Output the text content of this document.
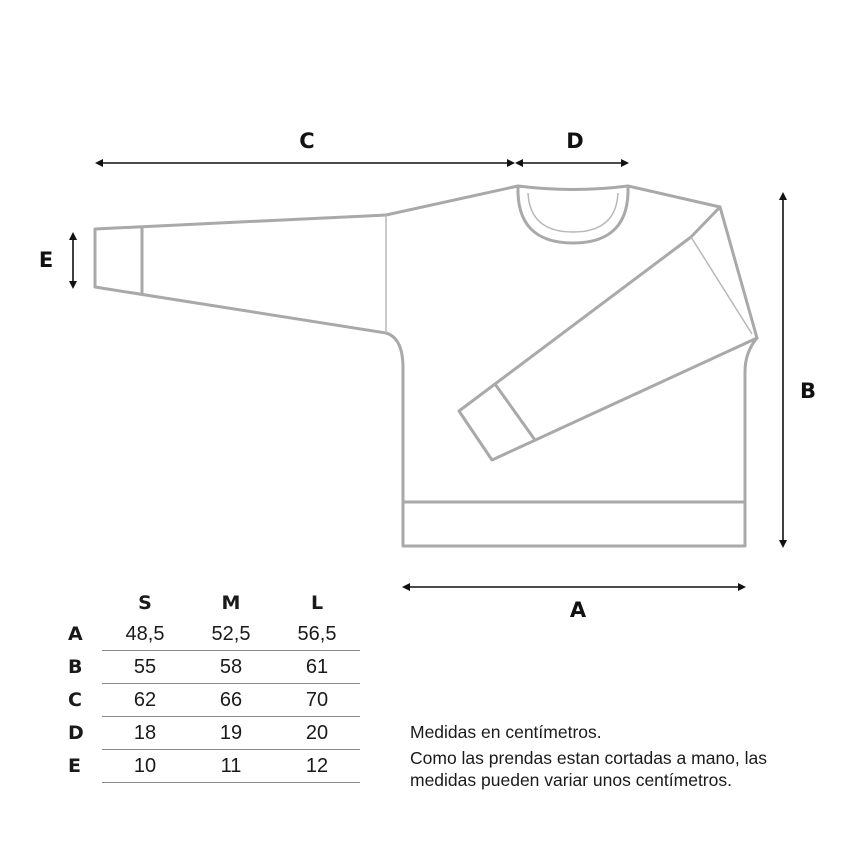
C	D
E
B
A
	S	M	L
A	48,5	52,5	56,5
B	55	58	61
C	62	66	70
D	18	19	20
E	10	11	12
Medidas en centímetros.
Como las prendas estan cortadas a mano, las medidas pueden variar unos centímetros.
